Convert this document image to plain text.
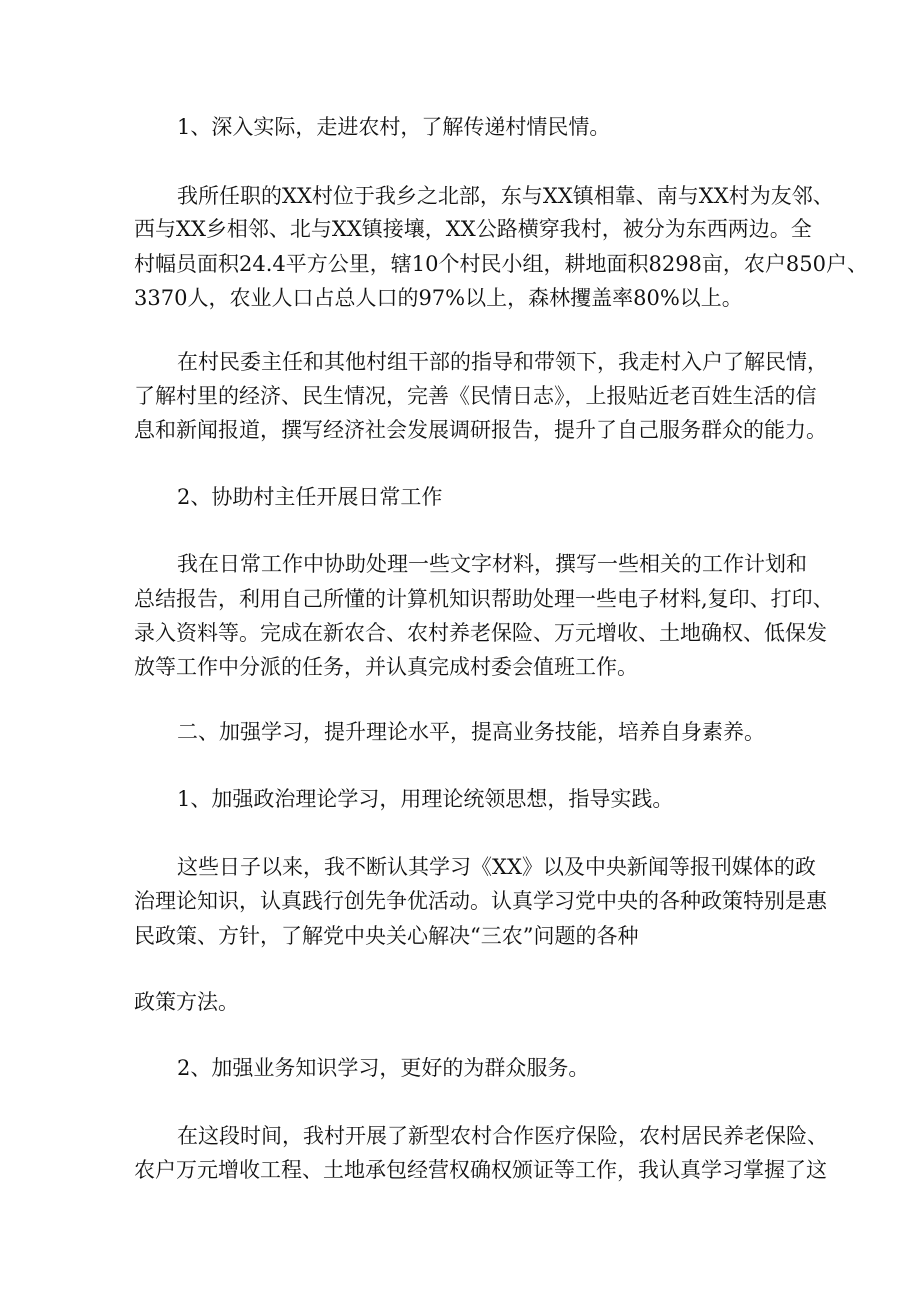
1、深入实际，走进农村，了解传递村情民情。

我所任职的XX村位于我乡之北部，东与XX镇相靠、南与XX村为友邻、

西与XX乡相邻、北与XX镇接壤，XX公路横穿我村，被分为东西两边。全

村幅员面积24.4平方公里，辖10个村民小组，耕地面积8298亩，农户850户、

3370人，农业人口占总人口的97%以上，森林攫盖率80%以上。

在村民委主任和其他村组干部的指导和带领下，我走村入户了解民情，

了解村里的经济、民生情况，完善《民情日志》，上报贴近老百姓生活的信

息和新闻报道，撰写经济社会发展调研报告，提升了自己服务群众的能力。

2、协助村主任开展日常工作

我在日常工作中协助处理一些文字材料，撰写一些相关的工作计划和

总结报告，利用自己所懂的计算机知识帮助处理一些电子材料,复印、打印、

录入资料等。完成在新农合、农村养老保险、万元增收、土地确权、低保发

放等工作中分派的任务，并认真完成村委会值班工作。

二、加强学习，提升理论水平，提高业务技能，培养自身素养。

1、加强政治理论学习，用理论统领思想，指导实践。

这些日子以来，我不断认其学习《XX》以及中央新闻等报刊媒体的政

治理论知识，认真践行创先争优活动。认真学习党中央的各种政策特别是惠

民政策、方针，了解党中央关心解决“三农”问题的各种

政策方法。

2、加强业务知识学习，更好的为群众服务。

在这段时间，我村开展了新型农村合作医疗保险，农村居民养老保险、

农户万元增收工程、土地承包经营权确权颁证等工作，我认真学习掌握了这
